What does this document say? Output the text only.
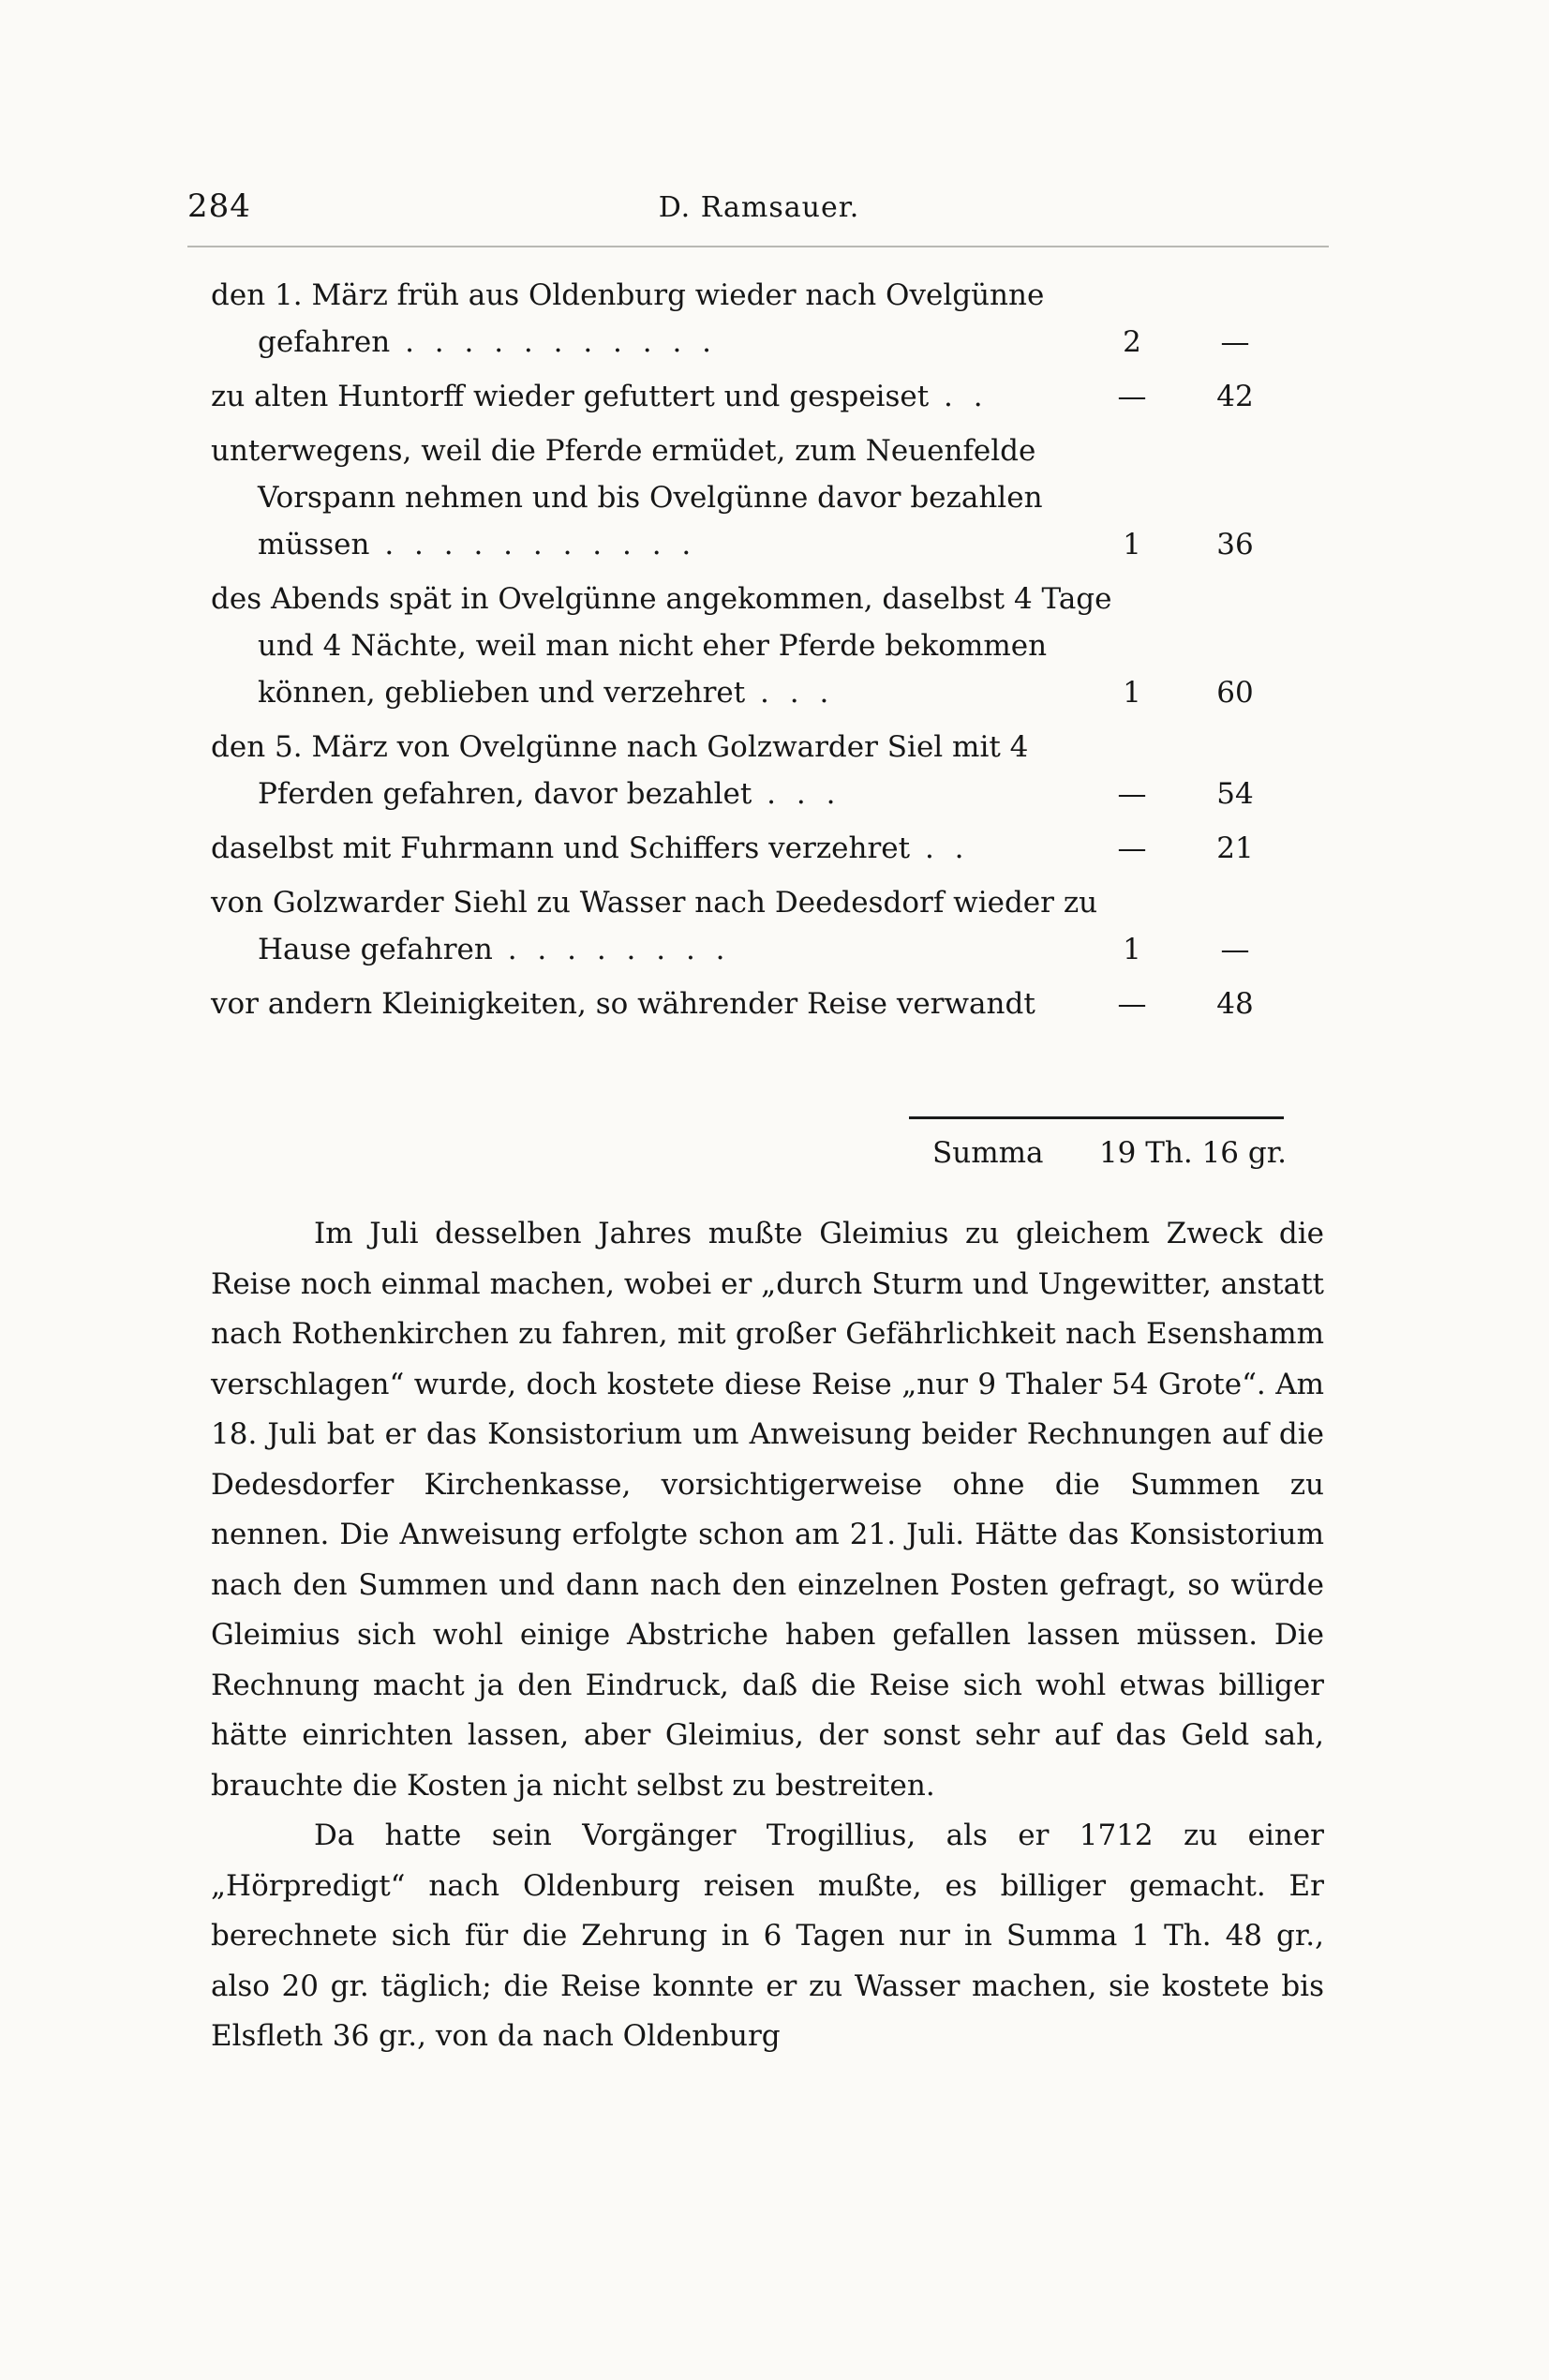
284	D. Ramsauer.
den 1. März früh aus Oldenburg wieder nach Ovelgünne gefahren . . . . . . . . . . .	2	—
zu alten Huntorff wieder gefuttert und gespeiset . .	—	42
unterwegens, weil die Pferde ermüdet, zum Neuenfelde Vorspann nehmen und bis Ovelgünne davor bezahlen müssen . . . . . . . . . . .	1	36
des Abends spät in Ovelgünne angekommen, daselbst 4 Tage und 4 Nächte, weil man nicht eher Pferde bekommen können, geblieben und verzehret . . .	1	60
den 5. März von Ovelgünne nach Golzwarder Siel mit 4 Pferden gefahren, davor bezahlet . . .	—	54
daselbst mit Fuhrmann und Schiffers verzehret . .	—	21
von Golzwarder Siehl zu Wasser nach Deedesdorf wieder zu Hause gefahren . . . . . . . .	1	—
vor andern Kleinigkeiten, so währender Reise verwandt	—	48
Summa 19 Th. 16 gr.

Im Juli desselben Jahres mußte Gleimius zu gleichem Zweck die Reise noch einmal machen, wobei er „durch Sturm und Ungewitter, anstatt nach Rothenkirchen zu fahren, mit großer Gefährlichkeit nach Esenshamm verschlagen“ wurde, doch kostete diese Reise „nur 9 Thaler 54 Grote“. Am 18. Juli bat er das Konsistorium um Anweisung beider Rechnungen auf die Dedesdorfer Kirchenkasse, vorsichtigerweise ohne die Summen zu nennen. Die Anweisung erfolgte schon am 21. Juli. Hätte das Konsistorium nach den Summen und dann nach den einzelnen Posten gefragt, so würde Gleimius sich wohl einige Abstriche haben gefallen lassen müssen. Die Rechnung macht ja den Eindruck, daß die Reise sich wohl etwas billiger hätte einrichten lassen, aber Gleimius, der sonst sehr auf das Geld sah, brauchte die Kosten ja nicht selbst zu bestreiten.

Da hatte sein Vorgänger Trogillius, als er 1712 zu einer „Hörpredigt“ nach Oldenburg reisen mußte, es billiger gemacht. Er berechnete sich für die Zehrung in 6 Tagen nur in Summa 1 Th. 48 gr., also 20 gr. täglich; die Reise konnte er zu Wasser machen, sie kostete bis Elsfleth 36 gr., von da nach Oldenburg
